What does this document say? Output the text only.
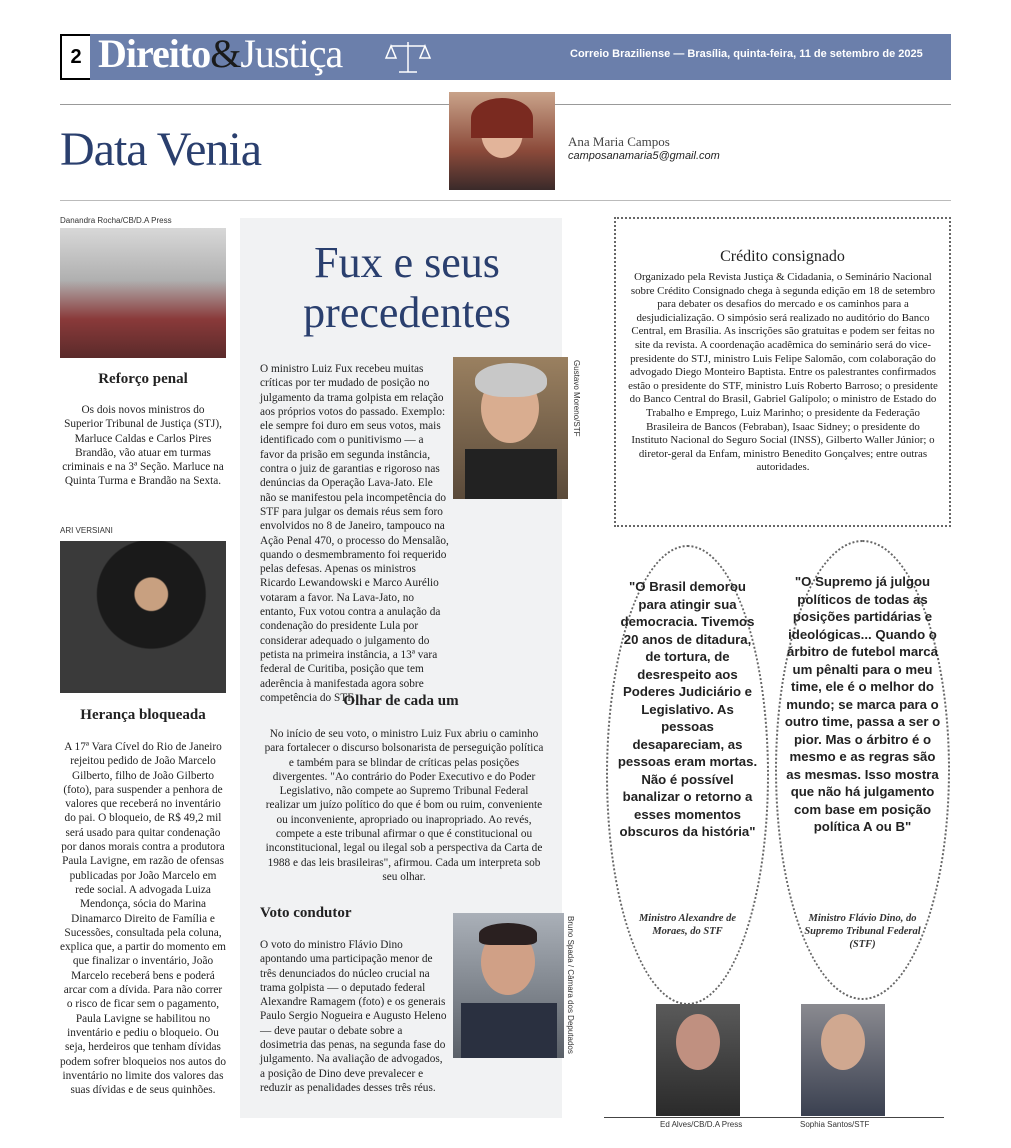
2 Direito&Justiça	Correio Braziliense — Brasília, quinta-feira, 11 de setembro de 2025
Data Venia	Ana Maria Campos
camposanamaria5@gmail.com
Danandra Rocha/CB/D.A Press
Reforço penal
Os dois novos ministros do Superior Tribunal de Justiça (STJ), Marluce Caldas e Carlos Pires Brandão, vão atuar em turmas criminais e na 3ª Seção. Marluce na Quinta Turma e Brandão na Sexta.
ARI VERSIANI
Herança bloqueada
A 17ª Vara Cível do Rio de Janeiro rejeitou pedido de João Marcelo Gilberto, filho de João Gilberto (foto), para suspender a penhora de valores que receberá no inventário do pai. O bloqueio, de R$ 49,2 mil será usado para quitar condenação por danos morais contra a produtora Paula Lavigne, em razão de ofensas publicadas por João Marcelo em rede social. A advogada Luiza Mendonça, sócia do Marina Dinamarco Direito de Família e Sucessões, consultada pela coluna, explica que, a partir do momento em que finalizar o inventário, João Marcelo receberá bens e poderá arcar com a dívida. Para não correr o risco de ficar sem o pagamento, Paula Lavigne se habilitou no inventário e pediu o bloqueio. Ou seja, herdeiros que tenham dívidas podem sofrer bloqueios nos autos do inventário no limite dos valores das suas dívidas e de seus quinhões.
Fux e seus precedentes
Gustavo Moreno/STF
O ministro Luiz Fux recebeu muitas críticas por ter mudado de posição no julgamento da trama golpista em relação aos próprios votos do passado. Exemplo: ele sempre foi duro em seus votos, mais identificado com o punitivismo — a favor da prisão em segunda instância, contra o juiz de garantias e rigoroso nas denúncias da Operação Lava-Jato. Ele não se manifestou pela incompetência do STF para julgar os demais réus sem foro envolvidos no 8 de Janeiro, tampouco na Ação Penal 470, o processo do Mensalão, quando o desmembramento foi requerido pelas defesas. Apenas os ministros Ricardo Lewandowski e Marco Aurélio votaram a favor. Na Lava-Jato, no entanto, Fux votou contra a anulação da condenação do presidente Lula por considerar adequado o julgamento do petista na primeira instância, a 13ª vara federal de Curitiba, posição que tem aderência à manifestada agora sobre competência do STF.
Olhar de cada um
No início de seu voto, o ministro Luiz Fux abriu o caminho para fortalecer o discurso bolsonarista de perseguição política e também para se blindar de críticas pelas posições divergentes. "Ao contrário do Poder Executivo e do Poder Legislativo, não compete ao Supremo Tribunal Federal realizar um juízo político do que é bom ou ruim, conveniente ou inconveniente, apropriado ou inapropriado. Ao revés, compete a este tribunal afirmar o que é constitucional ou inconstitucional, legal ou ilegal sob a perspectiva da Carta de 1988 e das leis brasileiras", afirmou. Cada um interpreta sob seu olhar.
Voto condutor
Bruno Spada / Câmara dos Deputados
O voto do ministro Flávio Dino apontando uma participação menor de três denunciados do núcleo crucial na trama golpista — o deputado federal Alexandre Ramagem (foto) e os generais Paulo Sergio Nogueira e Augusto Heleno — deve pautar o debate sobre a dosimetria das penas, na segunda fase do julgamento. Na avaliação de advogados, a posição de Dino deve prevalecer e reduzir as penalidades desses três réus.
Crédito consignado
Organizado pela Revista Justiça & Cidadania, o Seminário Nacional sobre Crédito Consignado chega à segunda edição em 18 de setembro para debater os desafios do mercado e os caminhos para a desjudicialização. O simpósio será realizado no auditório do Banco Central, em Brasília. As inscrições são gratuitas e podem ser feitas no site da revista. A coordenação acadêmica do seminário será do vice-presidente do STJ, ministro Luis Felipe Salomão, com colaboração do advogado Diego Monteiro Baptista. Entre os palestrantes confirmados estão o presidente do STF, ministro Luís Roberto Barroso; o presidente do Banco Central do Brasil, Gabriel Galípolo; o ministro de Estado do Trabalho e Emprego, Luiz Marinho; o presidente da Federação Brasileira de Bancos (Febraban), Isaac Sidney; o presidente do Instituto Nacional do Seguro Social (INSS), Gilberto Waller Júnior; o diretor-geral da Enfam, ministro Benedito Gonçalves; entre outras autoridades.
"O Brasil demorou para atingir sua democracia. Tivemos 20 anos de ditadura, de tortura, de desrespeito aos Poderes Judiciário e Legislativo. As pessoas desapareciam, as pessoas eram mortas. Não é possível banalizar o retorno a esses momentos obscuros da história"
Ministro Alexandre de Moraes, do STF
"O Supremo já julgou políticos de todas as posições partidárias e ideológicas... Quando o árbitro de futebol marca um pênalti para o meu time, ele é o melhor do mundo; se marca para o outro time, passa a ser o pior. Mas o árbitro é o mesmo e as regras são as mesmas. Isso mostra que não há julgamento com base em posição política A ou B"
Ministro Flávio Dino, do Supremo Tribunal Federal (STF)
Ed Alves/CB/D.A Press	Sophia Santos/STF
